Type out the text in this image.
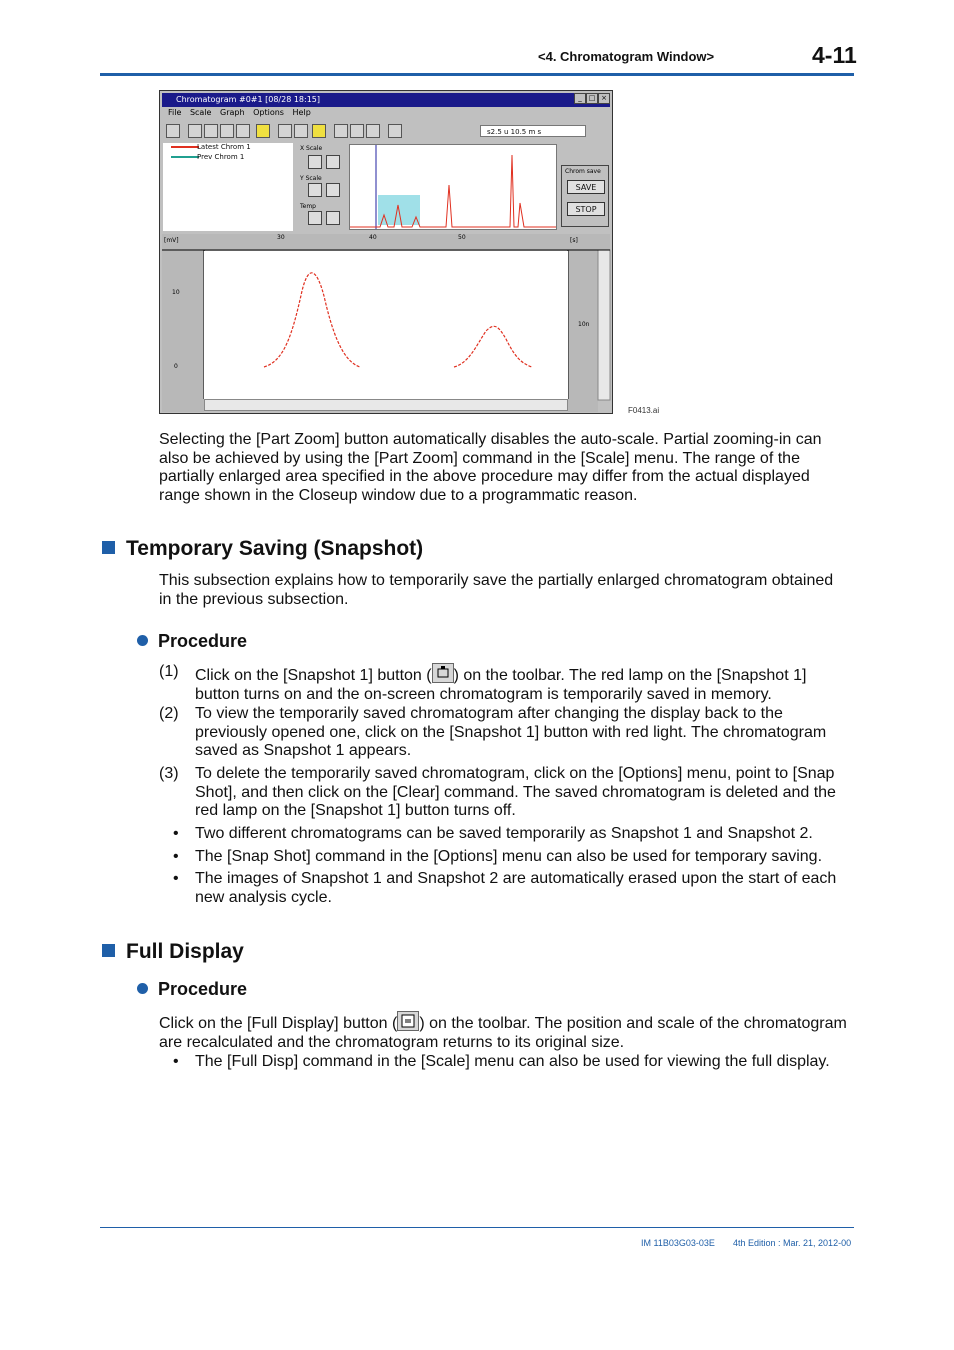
<4. Chromatogram Window>	4-11
Chromatogram #0#1 [08/28 18:15]	_ □ ×
File Scale Graph Options Help
s2.5 u 10.5 m s
Latest Chrom 1
Prev Chrom 1
X Scale
Y Scale
Temp
Chrom save
SAVE
STOP
[mV]	30	40	50	[s]
10
0
10n
F0413.ai

Selecting the [Part Zoom] button automatically disables the auto-scale. Partial zooming-in can also be achieved by using the [Part Zoom] command in the [Scale] menu. The range of the partially enlarged area specified in the above procedure may differ from the actual displayed range shown in the Closeup window due to a programmatic reason.

Temporary Saving (Snapshot)

This subsection explains how to temporarily save the partially enlarged chromatogram obtained in the previous subsection.

Procedure
(1) Click on the [Snapshot 1] button ( ) on the toolbar. The red lamp on the [Snapshot 1] button turns on and the on-screen chromatogram is temporarily saved in memory.

(2) To view the temporarily saved chromatogram after changing the display back to the previously opened one, click on the [Snapshot 1] button with red light. The chromatogram saved as Snapshot 1 appears.

(3) To delete the temporarily saved chromatogram, click on the [Options] menu, point to [Snap Shot], and then click on the [Clear] command. The saved chromatogram is deleted and the red lamp on the [Snapshot 1] button turns off.

• Two different chromatograms can be saved temporarily as Snapshot 1 and Snapshot 2.

• The [Snap Shot] command in the [Options] menu can also be used for temporary saving.

• The images of Snapshot 1 and Snapshot 2 are automatically erased upon the start of each new analysis cycle.

Full Display
Procedure

Click on the [Full Display] button ( ) on the toolbar. The position and scale of the chromatogram are recalculated and the chromatogram returns to its original size.

• The [Full Disp] command in the [Scale] menu can also be used for viewing the full display.

IM 11B03G03-03E 4th Edition : Mar. 21, 2012-00
